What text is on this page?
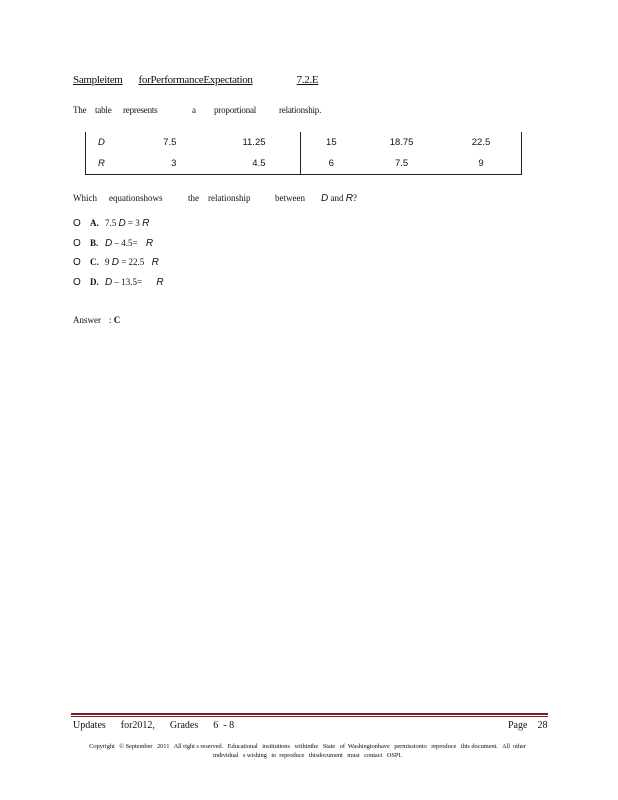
Sampleitem forPerformanceExpectation	7.2.E
The table represents	a proportional	relationship.
D	7.5	11.25	15	18.75	22.5
R	3	4.5	6	7.5	9
Which equationshows	the relationship	between D and R?
O A. 7.5 D = 3 R
O B. D – 4.5= R
O C. 9 D = 22.5 R
O D. D – 13.5= R
Answer : C
Updates      for2012,      Grades      6  - 8	Page    28
Copyright   © September   2011   All right s reserved.   Educational   institutions   withinthe   State   of  Washingtonhave   permissionto   reproduce   this document.   All  other   individual   s wishing   to  reproduce   thisdocument   must   contact   OSPI.
